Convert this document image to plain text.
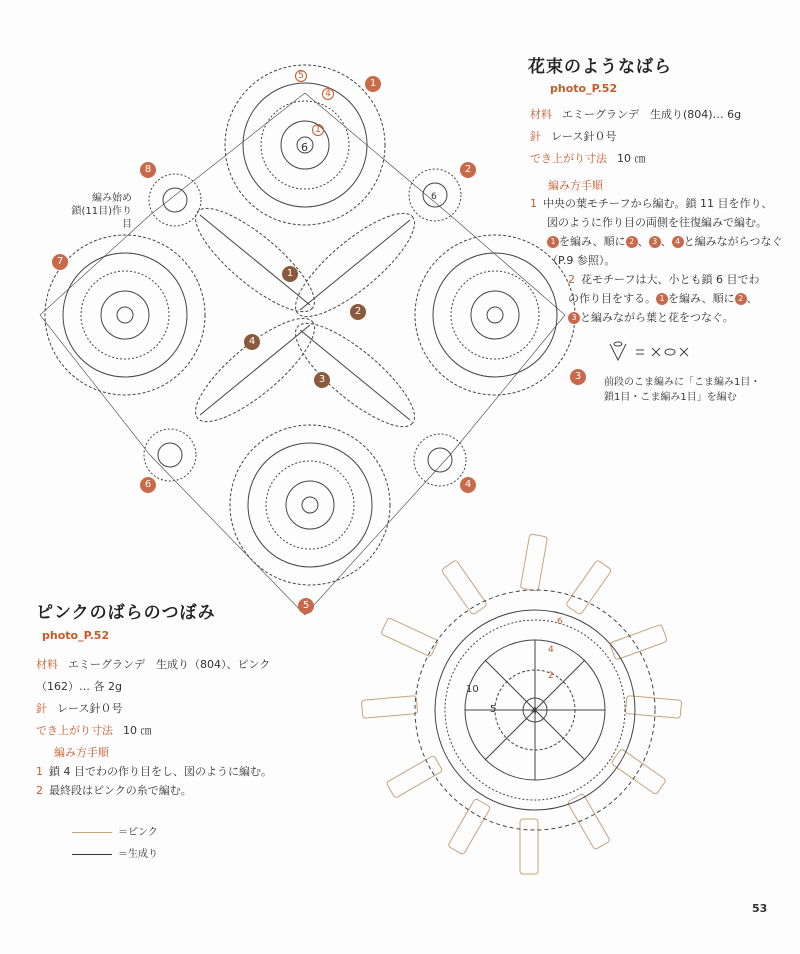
6
6
1
2
3
4
5
6
7
8
1
2
3
4
5
4
1
編み始め
鎖(11目)作り目
花束のようなばら
photo_P.52
材料 エミーグランデ　生成り(804)… 6g
針 レース針０号
でき上がり寸法 10 ㎝
編み方手順
1 中央の葉モチーフから編む。鎖 11 目を作り、
図のように作り目の両側を往復編みで編む。
1 を編み、順に 2 、 3 、 4 と編みながらつなぐ
（P.9 参照）。
2 花モチーフは大、小とも鎖 6 目でわ
の作り目をする。 1 を編み、順に 2 、
3 と編みながら葉と花をつなぐ。
前段のこま編みに「こま編み1目・
鎖1目・こま編み1目」を編む
ピンクのばらのつぼみ
photo_P.52
材料 エミーグランデ　生成り（804）、ピンク
（162）… 各 2g
針 レース針０号
でき上がり寸法 10 ㎝
編み方手順
1 鎖 4 目でわの作り目をし、図のように編む。
2 最終段はピンクの糸で編む。
＝ピンク
＝生成り
10
5	4
2
4
6
53
